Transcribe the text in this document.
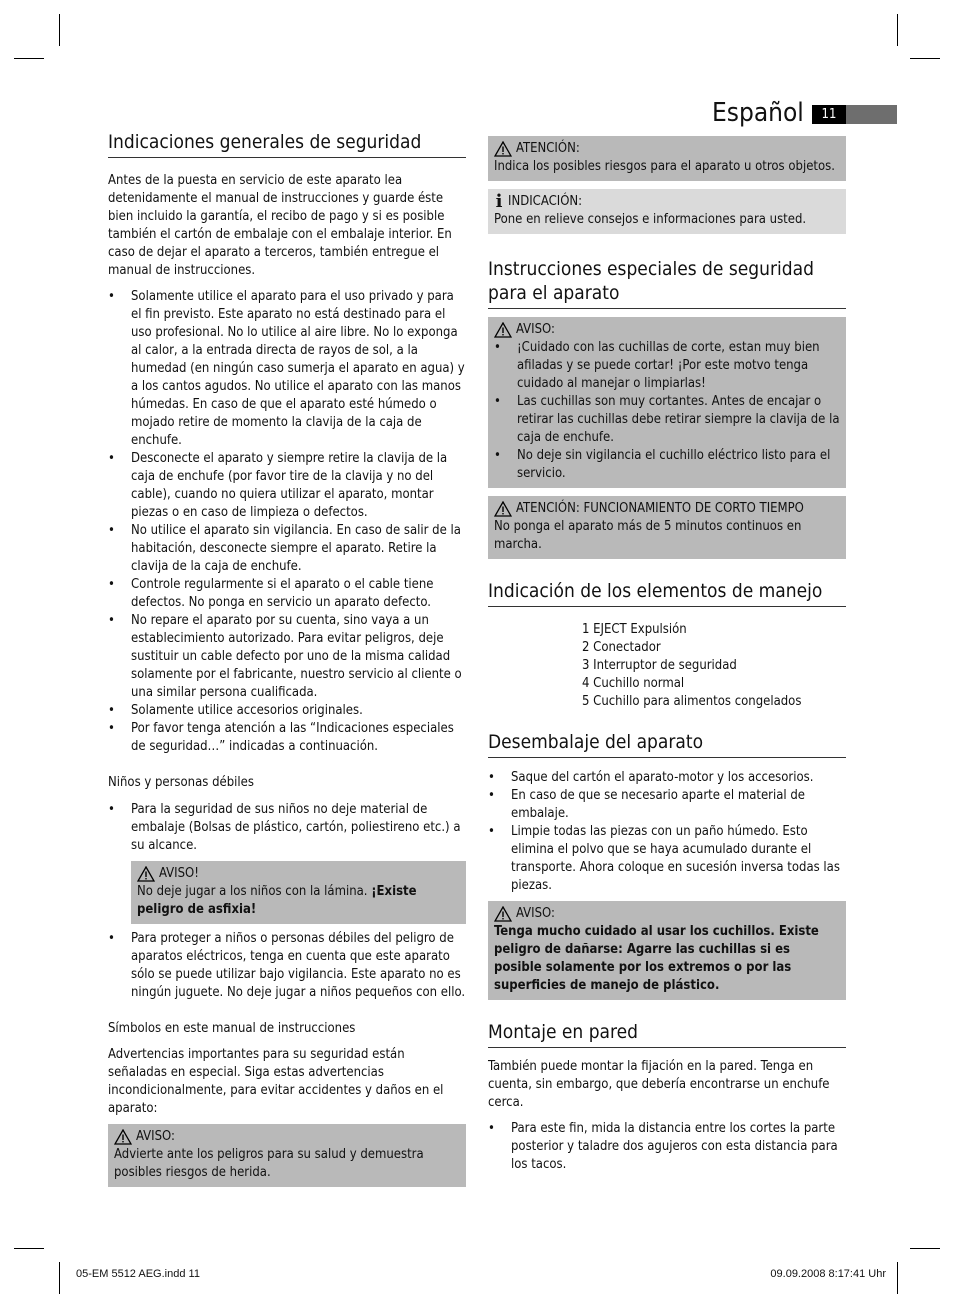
Español	11
Indicaciones generales de seguridad

Antes de la puesta en servicio de este aparato lea detenidamente el manual de instrucciones y guarde éste bien incluido la garantía, el recibo de pago y si es posible también el cartón de embalaje con el embalaje interior. En caso de dejar el aparato a terceros, también entregue el manual de instrucciones.

• Solamente utilice el aparato para el uso privado y para el fin previsto. Este aparato no está destinado para el uso profesional. No lo utilice al aire libre. No lo exponga al calor, a la entrada directa de rayos de sol, a la humedad (en ningún caso sumerja el aparato en agua) y a los cantos agudos. No utilice el aparato con las manos húmedas. En caso de que el aparato esté húmedo o mojado retire de momento la clavija de la caja de enchufe.
• Desconecte el aparato y siempre retire la clavija de la caja de enchufe (por favor tire de la clavija y no del cable), cuando no quiera utilizar el aparato, montar piezas o en caso de limpieza o defectos.
• No utilice el aparato sin vigilancia. En caso de salir de la habitación, desconecte siempre el aparato. Retire la clavija de la caja de enchufe.
• Controle regularmente si el aparato o el cable tiene defectos. No ponga en servicio un aparato defecto.
• No repare el aparato por su cuenta, sino vaya a un establecimiento autorizado. Para evitar peligros, deje sustituir un cable defecto por uno de la misma calidad solamente por el fabricante, nuestro servicio al cliente o una similar persona cualificada.
• Solamente utilice accesorios originales.
• Por favor tenga atención a las “Indicaciones especiales de seguridad…” indicadas a continuación.

Niños y personas débiles

• Para la seguridad de sus niños no deje material de embalaje (Bolsas de plástico, cartón, poliestireno etc.) a su alcance.
AVISO!

No deje jugar a los niños con la lámina. ¡Existe peligro de asfixia!

• Para proteger a niños o personas débiles del peligro de aparatos eléctricos, tenga en cuenta que este aparato sólo se puede utilizar bajo vigilancia. Este aparato no es ningún juguete. No deje jugar a niños pequeños con ello.

Símbolos en este manual de instrucciones

Advertencias importantes para su seguridad están señaladas en especial. Siga estas advertencias incondicionalmente, para evitar accidentes y daños en el aparato:

AVISO:

Advierte ante los peligros para su salud y demuestra posibles riesgos de herida.

ATENCIÓN:

Indica los posibles riesgos para el aparato u otros objetos.

i INDICACIÓN:

Pone en relieve consejos e informaciones para usted.

Instrucciones especiales de seguridad para el aparato
AVISO:
• ¡Cuidado con las cuchillas de corte, estan muy bien afiladas y se puede cortar! ¡Por este motvo tenga cuidado al manejar o limpiarlas!
• Las cuchillas son muy cortantes. Antes de encajar o retirar las cuchillas debe retirar siempre la clavija de la caja de enchufe.
• No deje sin vigilancia el cuchillo eléctrico listo para el servicio.
ATENCIÓN: FUNCIONAMIENTO DE CORTO TIEMPO

No ponga el aparato más de 5 minutos continuos en marcha.

Indicación de los elementos de manejo
1 EJECT Expulsión
2 Conectador
3 Interruptor de seguridad
4 Cuchillo normal
5 Cuchillo para alimentos congelados
Desembalaje del aparato
• Saque del cartón el aparato-motor y los accesorios.
• En caso de que se necesario aparte el material de embalaje.
• Limpie todas las piezas con un paño húmedo. Esto elimina el polvo que se haya acumulado durante el transporte. Ahora coloque en sucesión inversa todas las piezas.
AVISO:

Tenga mucho cuidado al usar los cuchillos. Existe peligro de dañarse: Agarre las cuchillas si es posible solamente por los extremos o por las superficies de manejo de plástico.

Montaje en pared

También puede montar la fijación en la pared. Tenga en cuenta, sin embargo, que debería encontrarse un enchufe cerca.

• Para este fin, mida la distancia entre los cortes la parte posterior y taladre dos agujeros con esta distancia para los tacos.
05-EM 5512 AEG.indd 11	09.09.2008 8:17:41 Uhr
